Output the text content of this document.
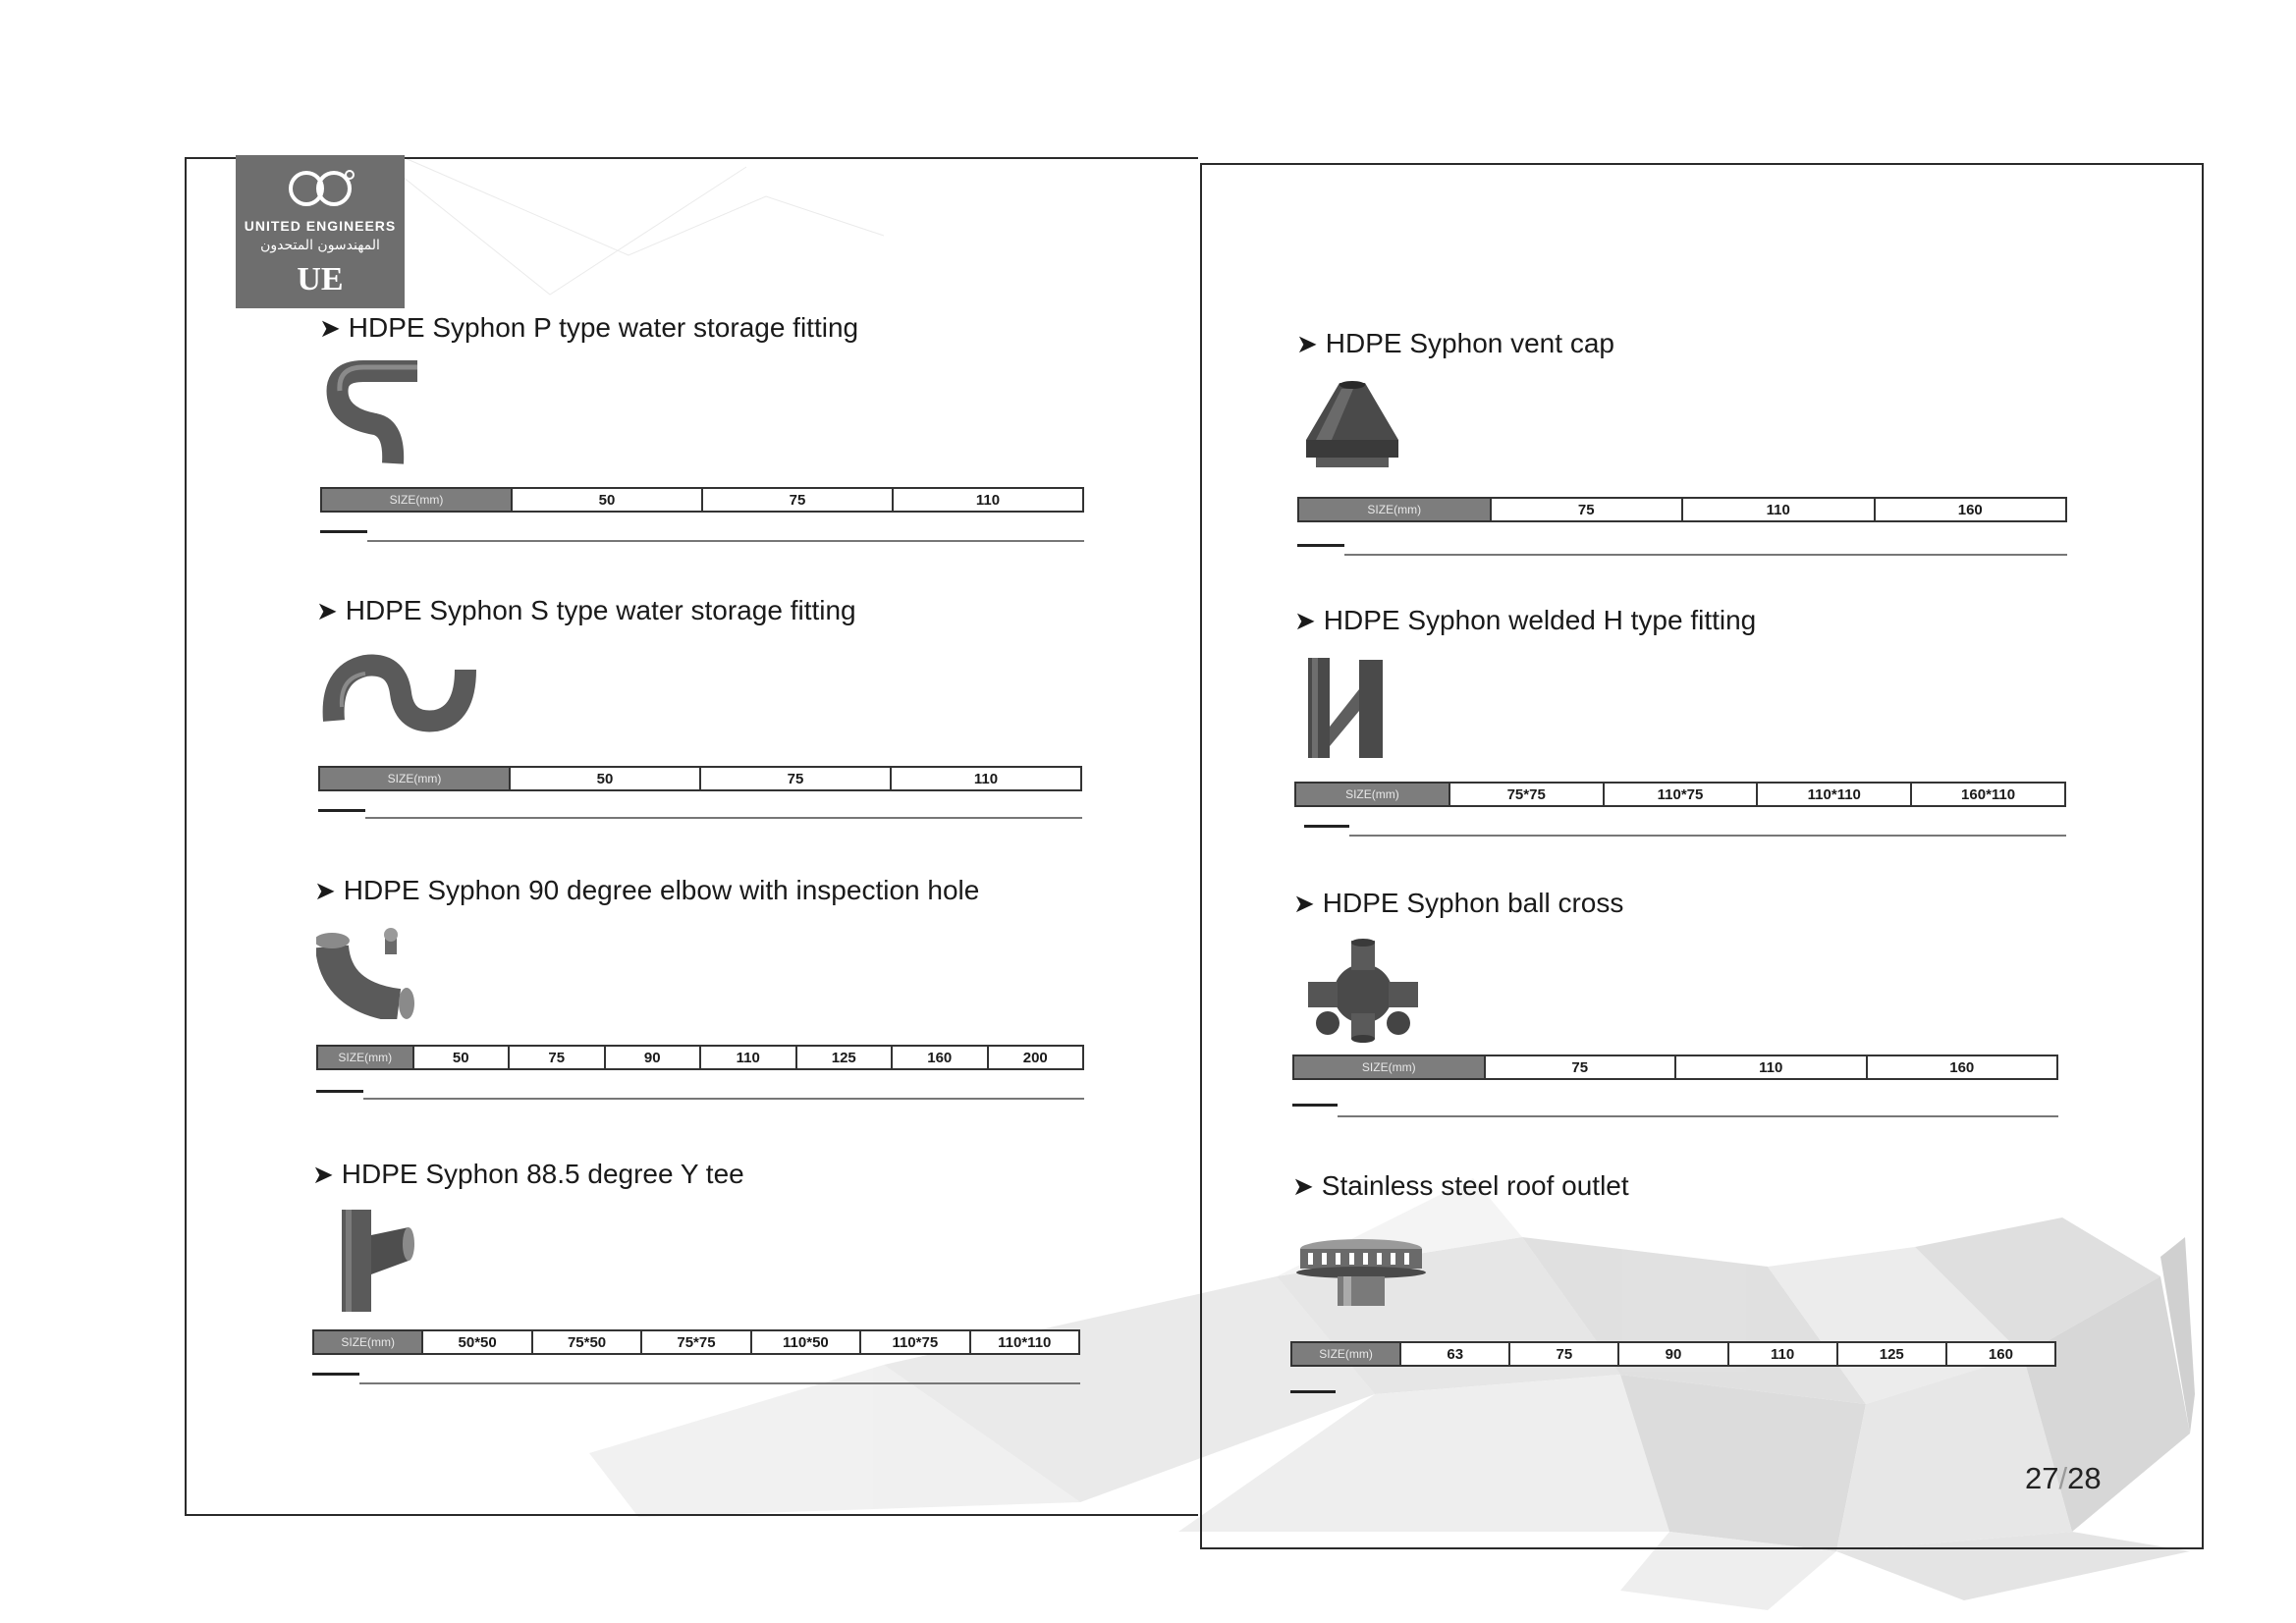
UNITED ENGINEERS
المهندسون المتحدون
UE
➤ HDPE Syphon P type water storage fitting
SIZE(mm)	50	75	110
➤ HDPE Syphon S type water storage fitting
SIZE(mm)	50	75	110
➤ HDPE Syphon 90 degree elbow with inspection hole
SIZE(mm)	50	75	90	110	125	160	200
➤ HDPE Syphon 88.5 degree Y tee
SIZE(mm)	50*50	75*50	75*75	110*50	110*75	110*110
➤ HDPE Syphon vent cap
SIZE(mm)	75	110	160
➤ HDPE Syphon welded H type fitting
SIZE(mm)	75*75	110*75	110*110	160*110
➤ HDPE Syphon ball cross
SIZE(mm)	75	110	160
➤ Stainless steel roof outlet
SIZE(mm)	63	75	90	110	125	160
27/28
